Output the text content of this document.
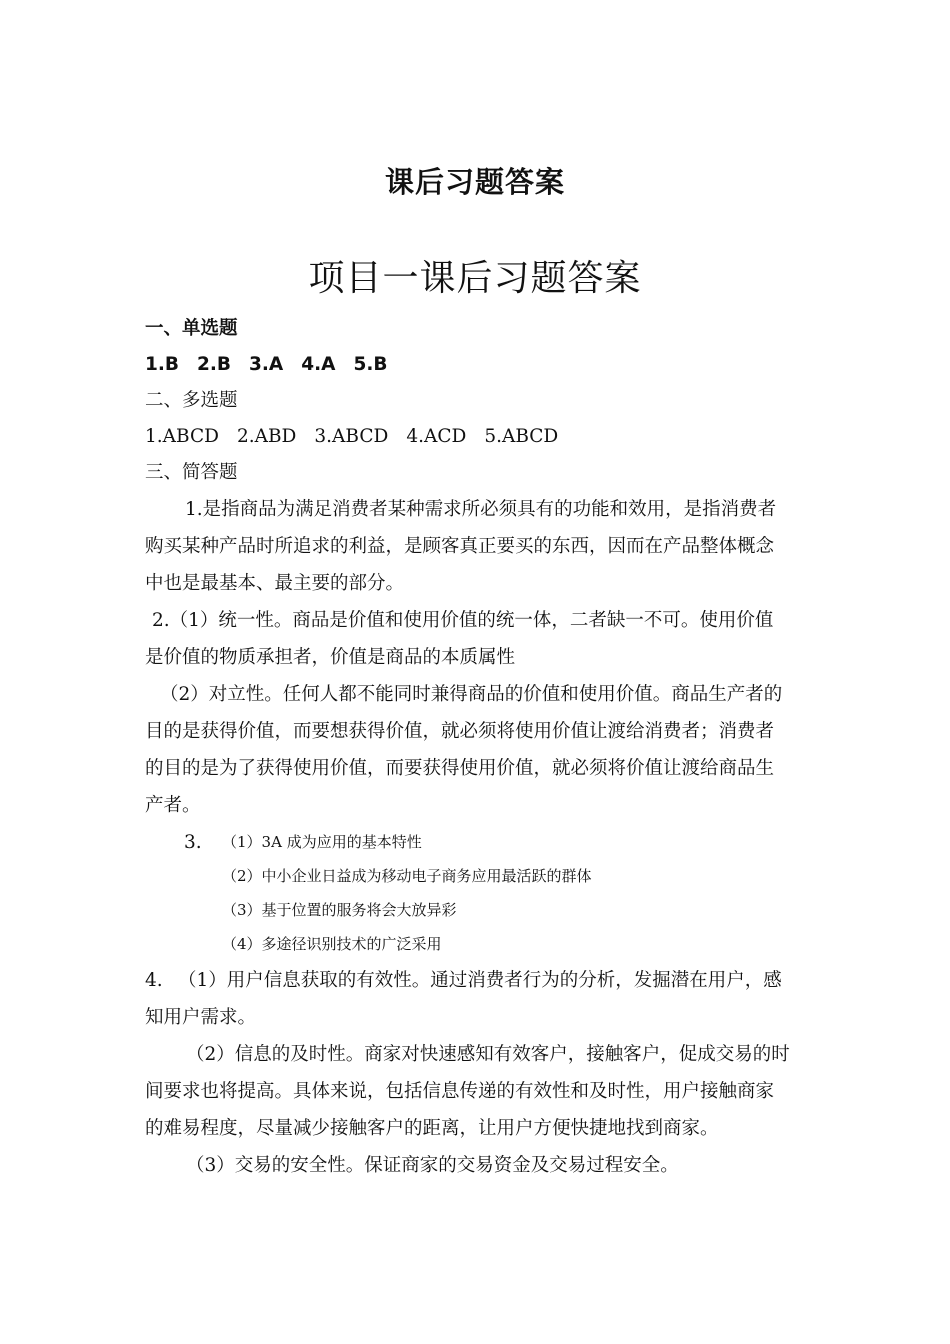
课后习题答案
项目一课后习题答案
一、单选题
1.B 2.B 3.A 4.A 5.B
二、多选题
1.ABCD 2.ABD 3.ABCD 4.ACD 5.ABCD
三、简答题
1.是指商品为满足消费者某种需求所必须具有的功能和效用，是指消费者
购买某种产品时所追求的利益，是顾客真正要买的东西，因而在产品整体概念
中也是最基本、最主要的部分。
2.（1）统一性。商品是价值和使用价值的统一体，二者缺一不可。使用价值
是价值的物质承担者，价值是商品的本质属性
（2）对立性。任何人都不能同时兼得商品的价值和使用价值。商品生产者的
目的是获得价值，而要想获得价值，就必须将使用价值让渡给消费者；消费者
的目的是为了获得使用价值，而要获得使用价值，就必须将价值让渡给商品生
产者。
3.	（1）3A 成为应用的基本特性
（2）中小企业日益成为移动电子商务应用最活跃的群体
（3）基于位置的服务将会大放异彩
（4）多途径识别技术的广泛采用
4. （1）用户信息获取的有效性。通过消费者行为的分析，发掘潜在用户，感
知用户需求。
（2）信息的及时性。商家对快速感知有效客户，接触客户，促成交易的时
间要求也将提高。具体来说，包括信息传递的有效性和及时性，用户接触商家
的难易程度，尽量减少接触客户的距离，让用户方便快捷地找到商家。
（3）交易的安全性。保证商家的交易资金及交易过程安全。
